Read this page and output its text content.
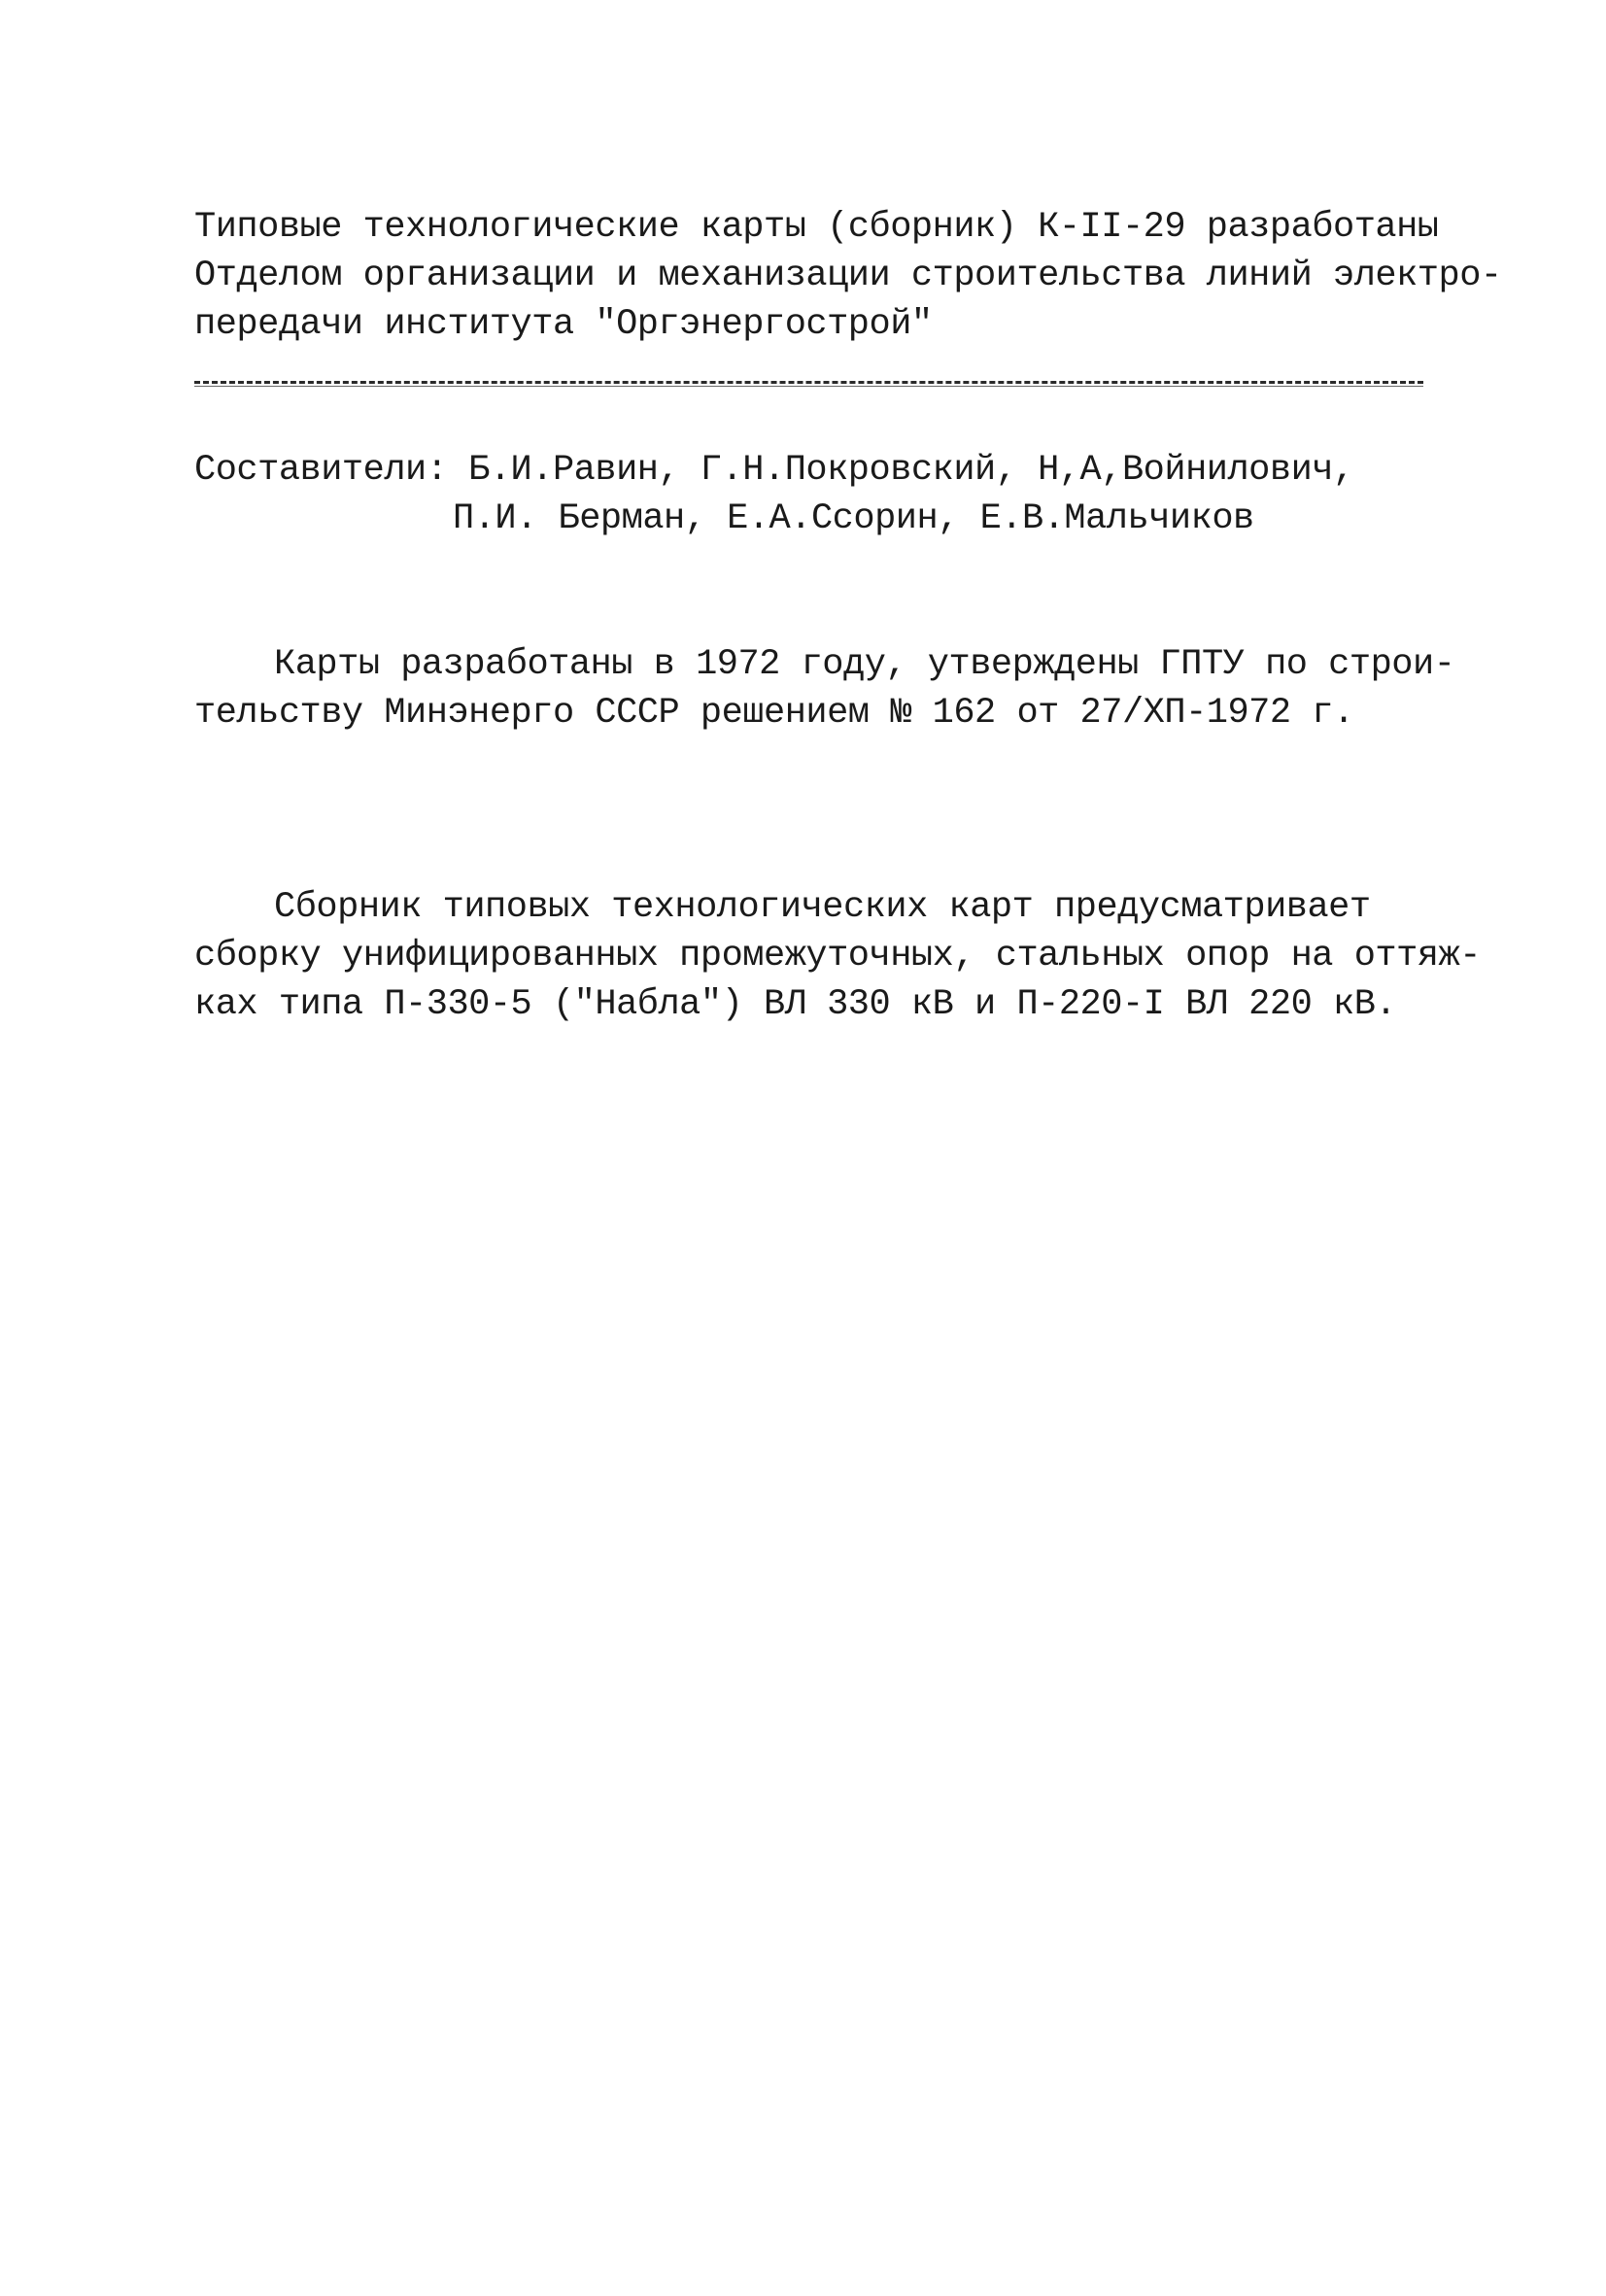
Типовые технологические карты (сборник) К-II-29 разработаны
Отделом организации и механизации строительства линий электро-
передачи института "Оргэнергострой"
Составители: Б.И.Равин, Г.Н.Покровский, Н,А,Войнилович,
П.И. Берман, Е.А.Ссорин, Е.В.Мальчиков
Карты разработаны в 1972 году, утверждены ГПТУ по строи-
тельству Минэнерго СССР решением № 162 от 27/ХП-1972 г.
Сборник типовых технологических карт предусматривает
сборку унифицированных промежуточных, стальных опор на оттяж-
ках типа П-330-5 ("Набла") ВЛ 330 кВ и П-220-I ВЛ 220 кВ.
